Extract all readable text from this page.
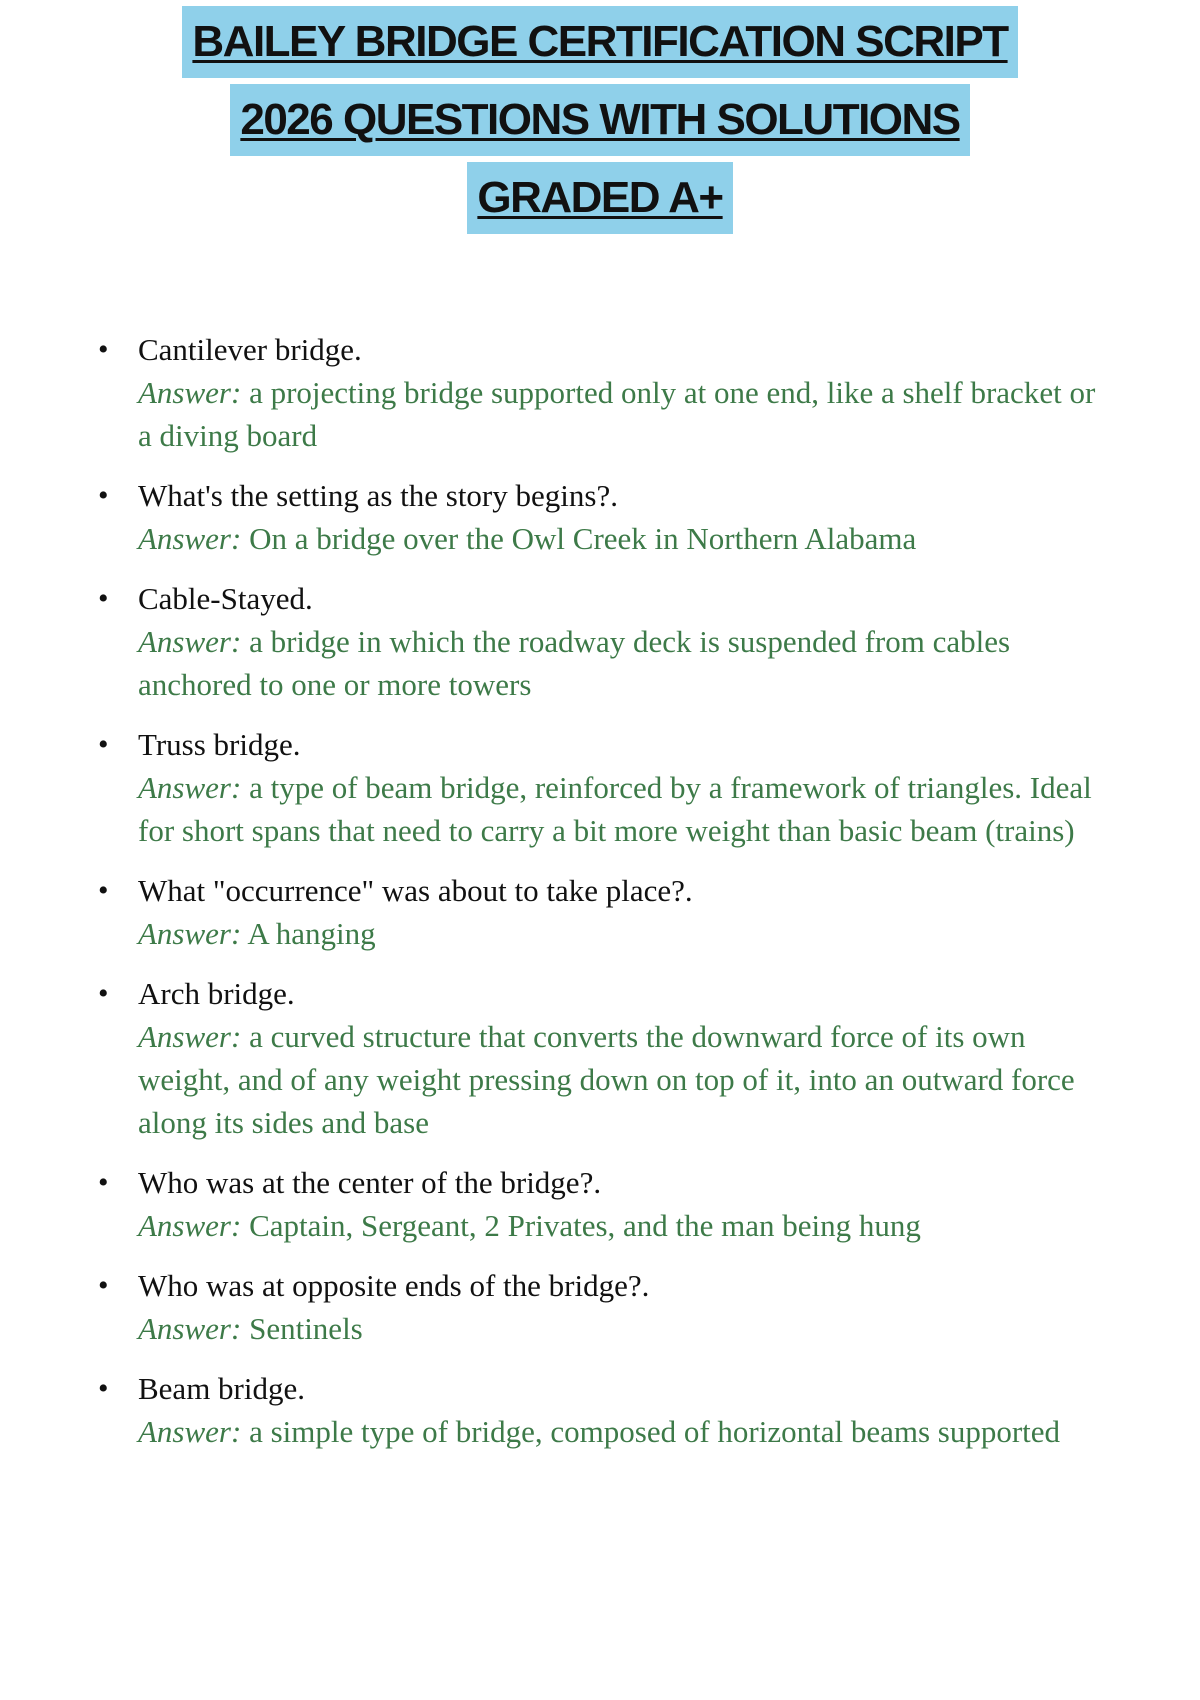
BAILEY BRIDGE CERTIFICATION SCRIPT
2026 QUESTIONS WITH SOLUTIONS
GRADED A+
• Cantilever bridge.
Answer: a projecting bridge supported only at one end, like a shelf bracket or a diving board
• What's the setting as the story begins?.
Answer: On a bridge over the Owl Creek in Northern Alabama
• Cable-Stayed.
Answer: a bridge in which the roadway deck is suspended from cables anchored to one or more towers
• Truss bridge.
Answer: a type of beam bridge, reinforced by a framework of triangles. Ideal for short spans that need to carry a bit more weight than basic beam (trains)
• What "occurrence" was about to take place?.
Answer: A hanging
• Arch bridge.
Answer: a curved structure that converts the downward force of its own weight, and of any weight pressing down on top of it, into an outward force along its sides and base
• Who was at the center of the bridge?.
Answer: Captain, Sergeant, 2 Privates, and the man being hung
• Who was at opposite ends of the bridge?.
Answer: Sentinels
• Beam bridge.
Answer: a simple type of bridge, composed of horizontal beams supported
